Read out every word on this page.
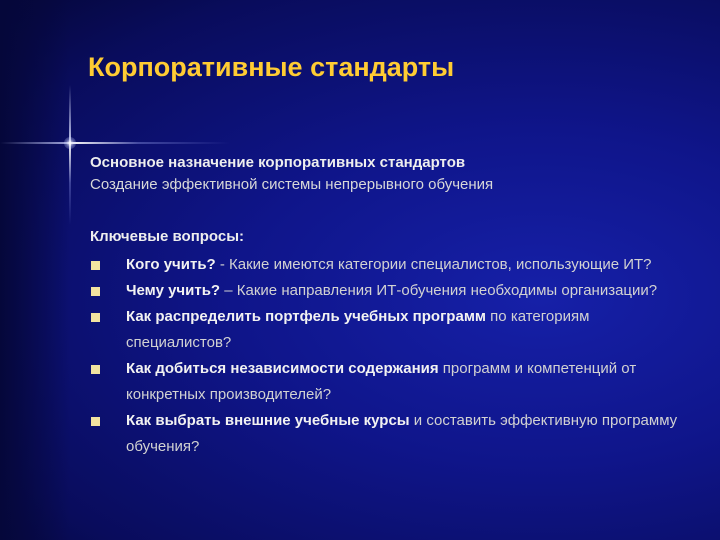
Корпоративные стандарты
Основное назначение корпоративных стандартов
Создание эффективной системы непрерывного обучения
Ключевые вопросы:
Кого учить? - Какие имеются категории специалистов, использующие ИТ?
Чему учить? – Какие направления ИТ-обучения необходимы организации?
Как распределить портфель учебных программ по категориям специалистов?
Как добиться независимости содержания программ и компетенций от конкретных производителей?
Как выбрать внешние учебные курсы и составить эффективную программу обучения?
